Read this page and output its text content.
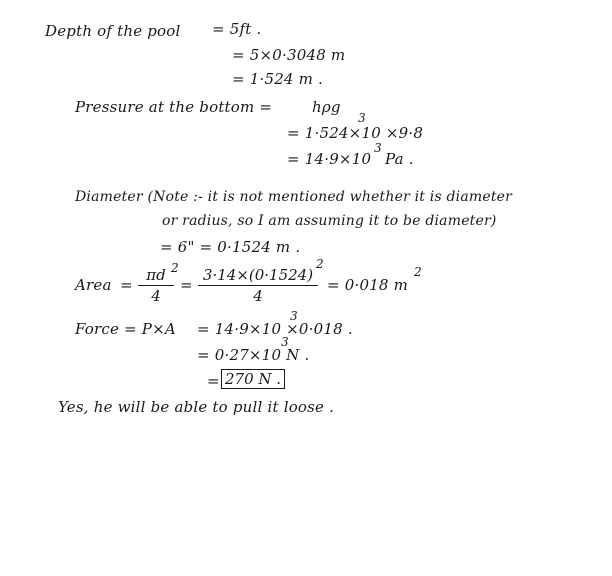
Depth of the pool = 5ft .
= 5×0·3048 m
= 1·524 m .
Pressure at the bottom =	hρg
3
= 1·524×10 ×9·8
= 14·9×10
3
Pa .
Diameter (Note :- it is not mentioned whether it is diameter
or radius, so I am assuming it to be diameter)
= 6" = 0·1524 m .
Area = $\frac{\pi d}{4}$
2
= $\frac{3\cdot 14\times(0\cdot 1524)}{4}$
2
= 0·018 m
2
Force = P×A = 14·9×10 ×0·018 .
3
= 0·27×10 N .
3
= 270 N .
Yes, he will be able to pull it loose .
